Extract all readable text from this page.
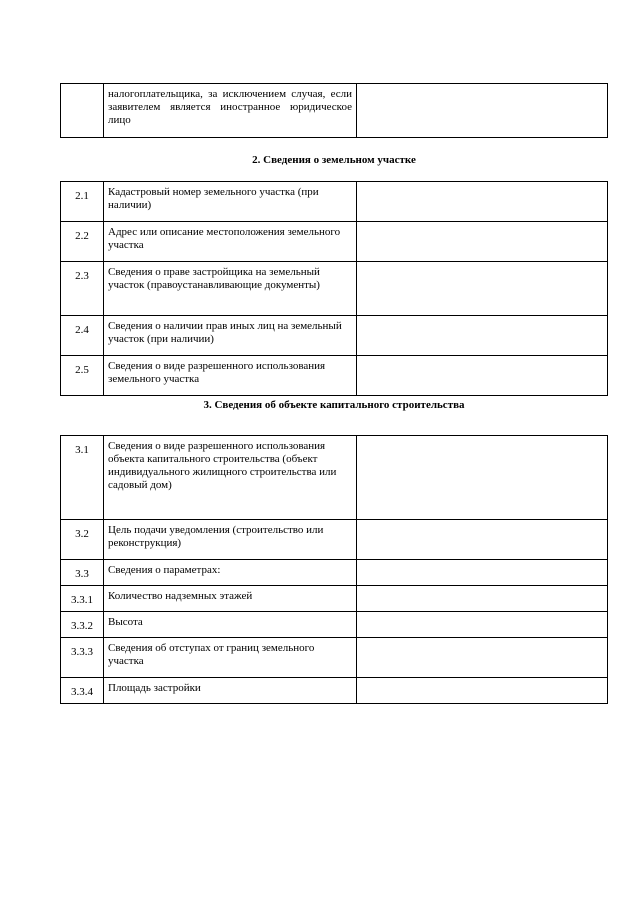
	налогоплательщика, за исключением случая, если заявителем является иностранное юридическое лицо	
2. Сведения о земельном участке
2.1	Кадастровый номер земельного участка (при наличии)	
2.2	Адрес или описание местоположения земельного участка	
2.3	Сведения о праве застройщика на земельный участок (правоустанавливающие документы)	
2.4	Сведения о наличии прав иных лиц на земельный участок (при наличии)	
2.5	Сведения о виде разрешенного использования земельного участка	
3. Сведения об объекте капитального строительства
3.1	Сведения о виде разрешенного использования объекта капитального строительства (объект индивидуального жилищного строительства или садовый дом)	
3.2	Цель подачи уведомления (строительство или реконструкция)	
3.3	Сведения о параметрах:	
3.3.1	Количество надземных этажей	
3.3.2	Высота	
3.3.3	Сведения об отступах от границ земельного участка	
3.3.4	Площадь застройки	
